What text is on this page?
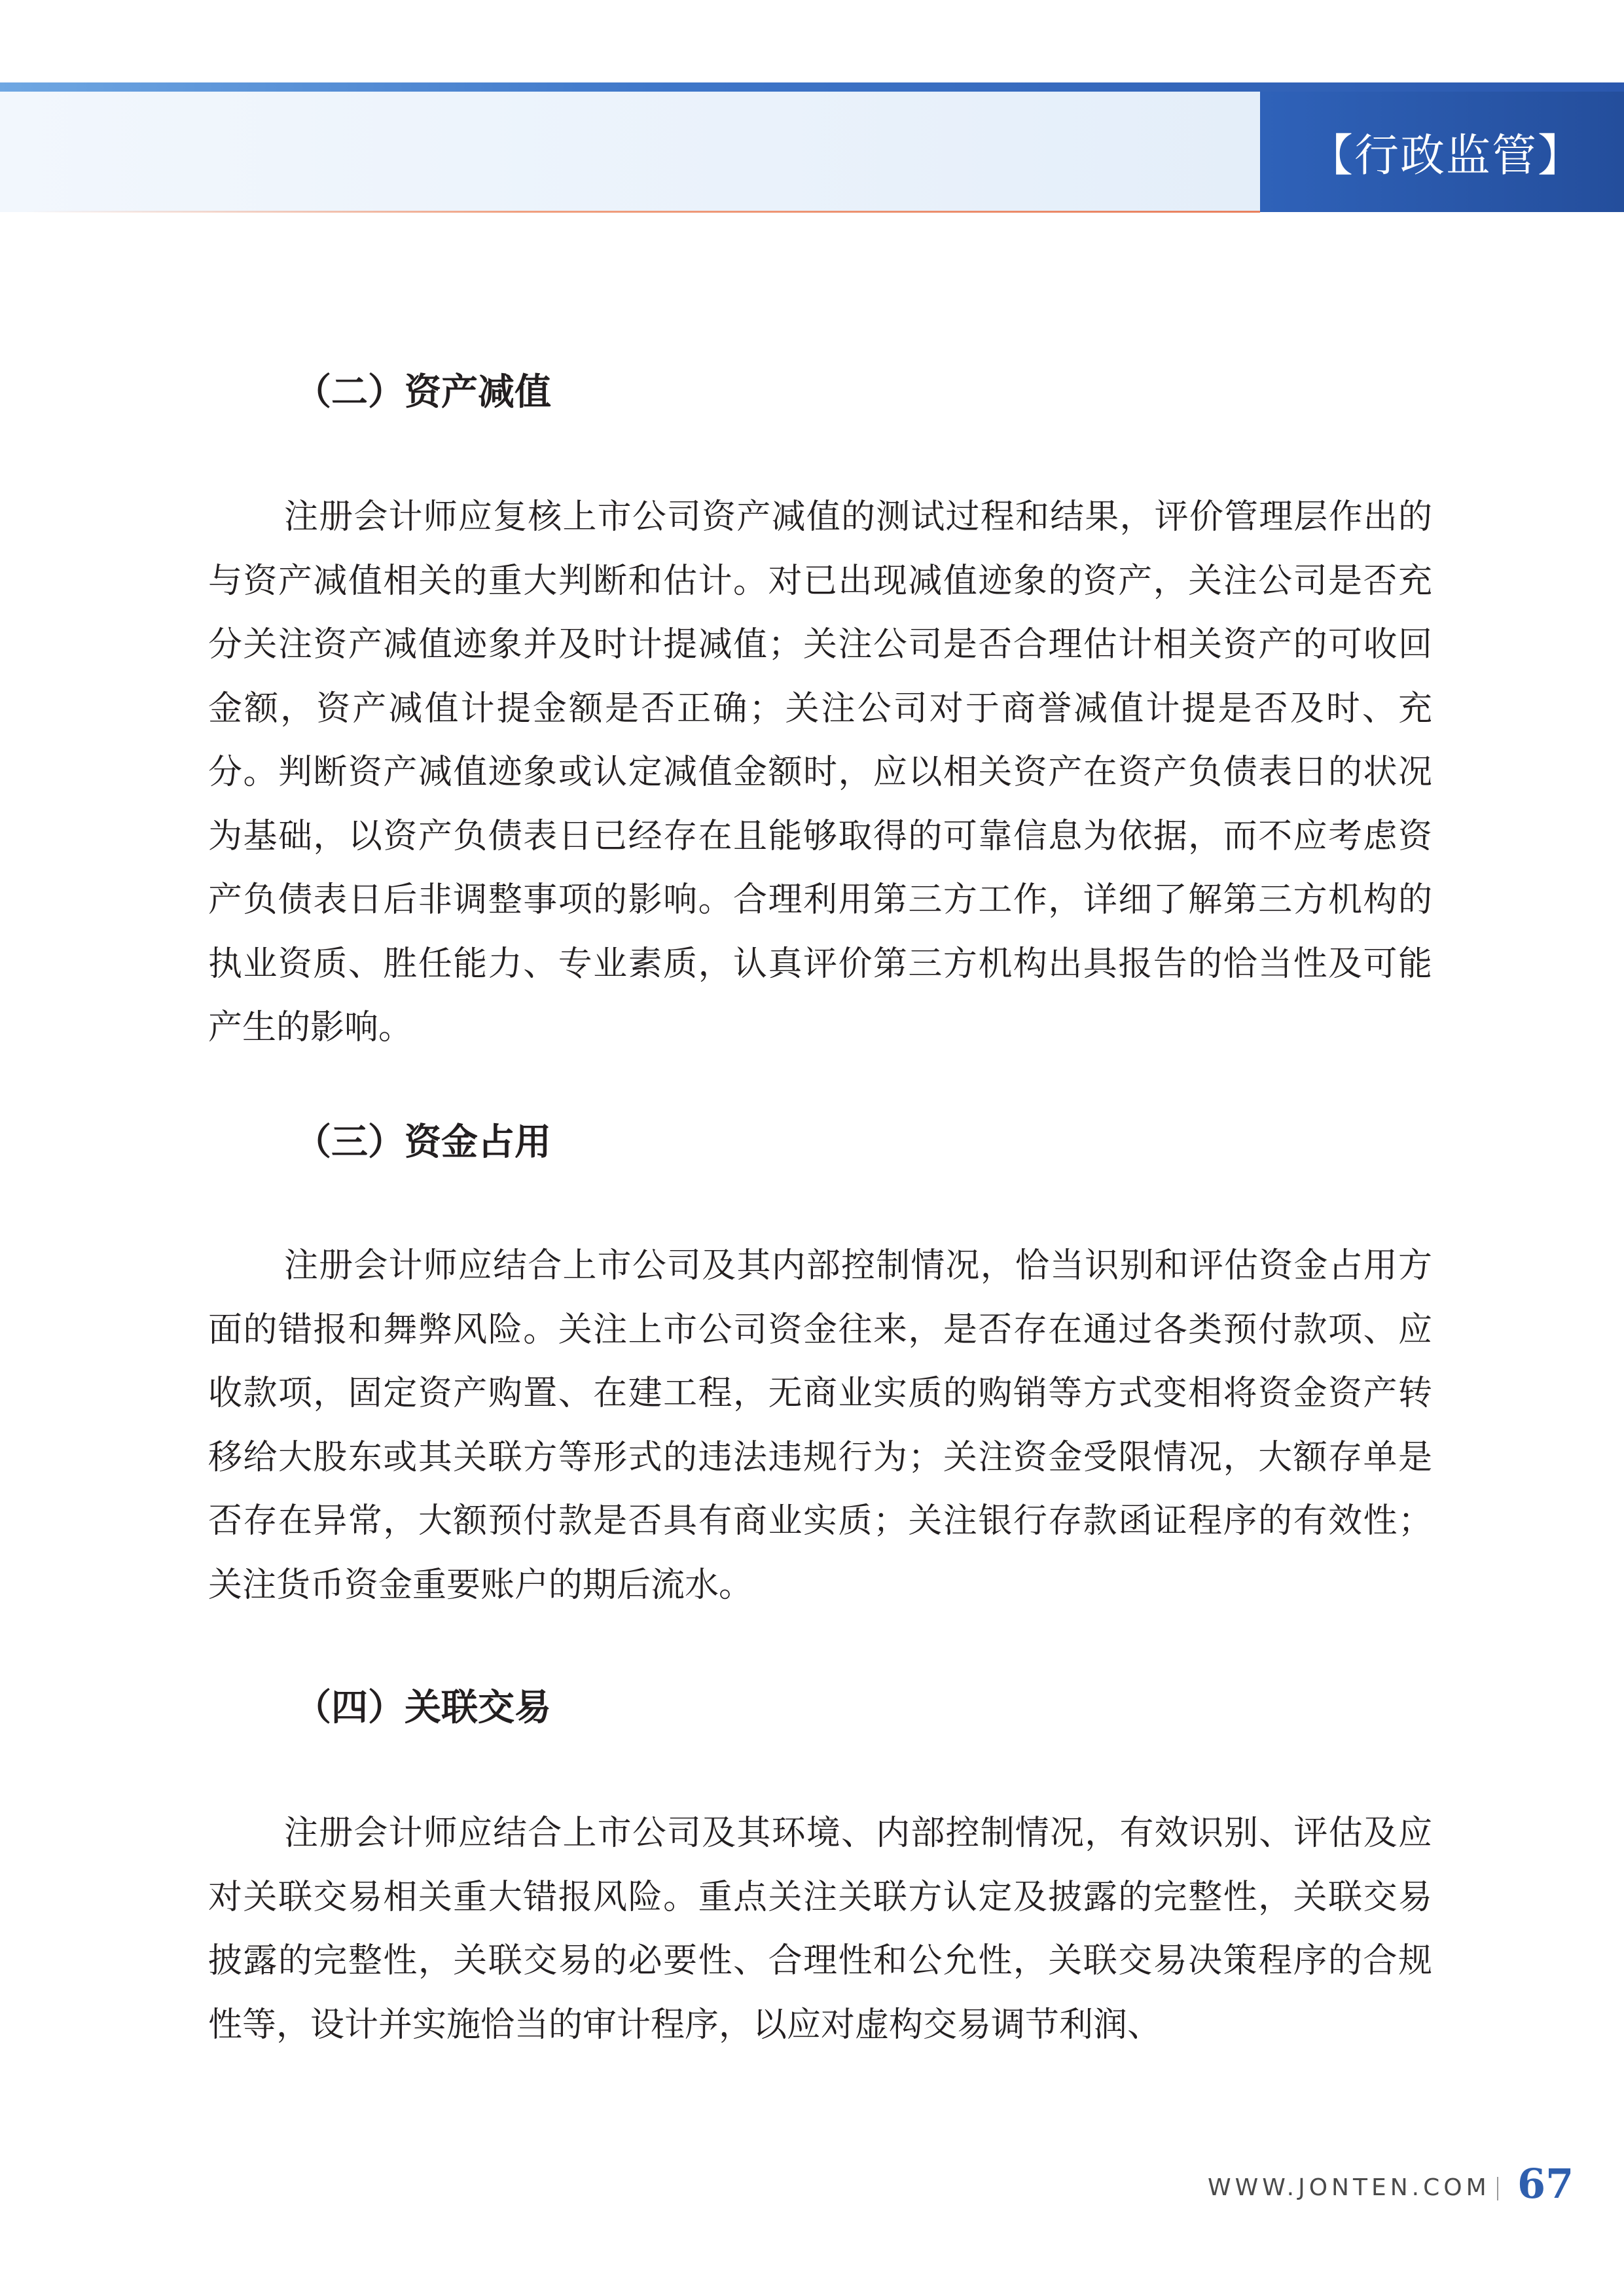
【行政监管】
（二）资产减值

注册会计师应复核上市公司资产减值的测试过程和结果，评价管理层作出的与资产减值相关的重大判断和估计。对已出现减值迹象的资产，关注公司是否充分关注资产减值迹象并及时计提减值；关注公司是否合理估计相关资产的可收回金额，资产减值计提金额是否正确；关注公司对于商誉减值计提是否及时、充分。判断资产减值迹象或认定减值金额时，应以相关资产在资产负债表日的状况为基础，以资产负债表日已经存在且能够取得的可靠信息为依据，而不应考虑资产负债表日后非调整事项的影响。合理利用第三方工作，详细了解第三方机构的执业资质、胜任能力、专业素质，认真评价第三方机构出具报告的恰当性及可能产生的影响。

（三）资金占用

注册会计师应结合上市公司及其内部控制情况，恰当识别和评估资金占用方面的错报和舞弊风险。关注上市公司资金往来，是否存在通过各类预付款项、应收款项，固定资产购置、在建工程，无商业实质的购销等方式变相将资金资产转移给大股东或其关联方等形式的违法违规行为；关注资金受限情况，大额存单是否存在异常，大额预付款是否具有商业实质；关注银行存款函证程序的有效性；关注货币资金重要账户的期后流水。

（四）关联交易

注册会计师应结合上市公司及其环境、内部控制情况，有效识别、评估及应对关联交易相关重大错报风险。重点关注关联方认定及披露的完整性，关联交易披露的完整性，关联交易的必要性、合理性和公允性，关联交易决策程序的合规性等，设计并实施恰当的审计程序，以应对虚构交易调节利润、

WWW.JONTEN.COM 67
